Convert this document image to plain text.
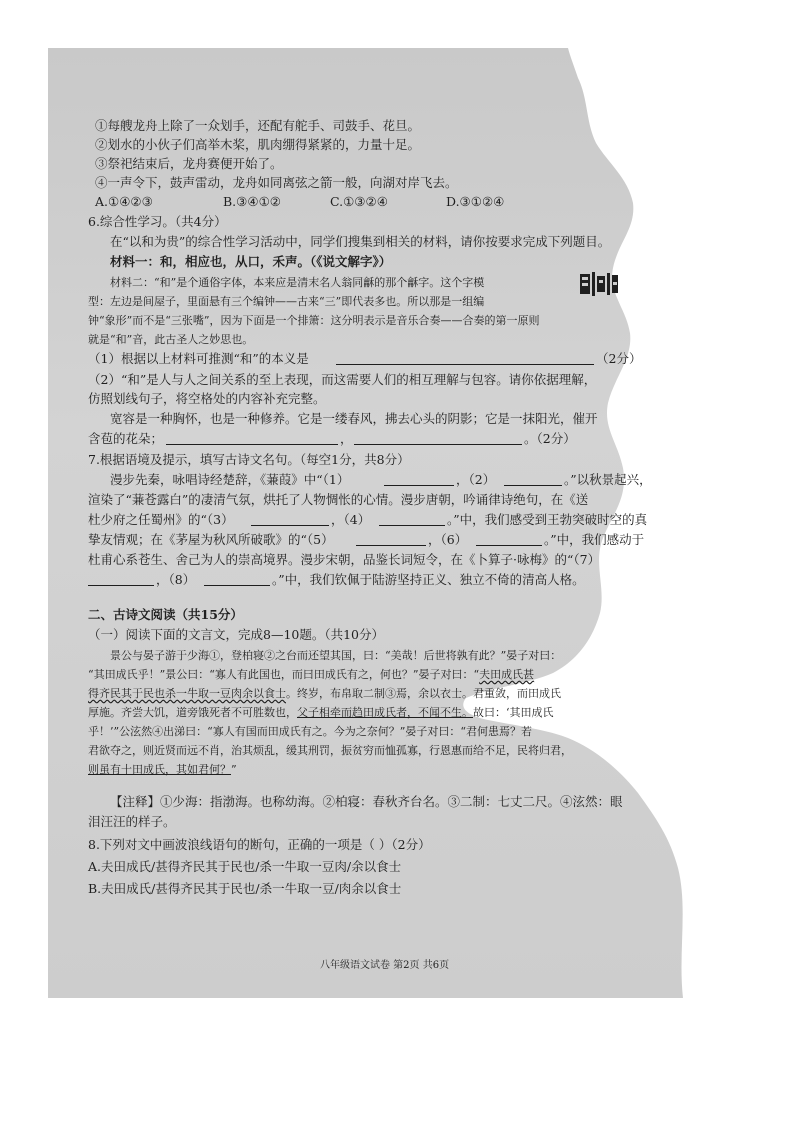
①每艘龙舟上除了一众划手，还配有舵手、司鼓手、花旦。
②划水的小伙子们高举木桨，肌肉绷得紧紧的，力量十足。
③祭祀结束后，龙舟赛便开始了。
④一声令下，鼓声雷动，龙舟如同离弦之箭一般，向湖对岸飞去。
A.①④②③	B.③④①②	C.①③②④	D.③①②④
6.综合性学习。（共4分）
在“以和为贵”的综合性学习活动中，同学们搜集到相关的材料，请你按要求完成下列题目。
材料一：和，相应也，从口，禾声。（《说文解字》）
材料二：“和”是个通俗字体，本来应是清末名人翁同龢的那个龢字。这个字模
型：左边是间屋子，里面悬有三个编钟——古来“三”即代表多也。所以那是一组编
钟“象形”而不是“三张嘴”，因为下面是一个排箫：这分明表示是音乐合奏——合奏的第一原则
就是“和”音，此古圣人之妙思也。
（1）根据以上材料可推测“和”的本义是	（2分）
（2）“和”是人与人之间关系的至上表现，而这需要人们的相互理解与包容。请你依据理解，
仿照划线句子，将空格处的内容补充完整。
宽容是一种胸怀，也是一种修养。它是一缕春风，拂去心头的阴影；它是一抹阳光，催开
含苞的花朵；	，	。（2分）
7.根据语境及提示，填写古诗文名句。（每空1分，共8分）
漫步先秦，咏唱诗经楚辞，《蒹葭》中“（1）	，（2）	。”以秋景起兴，
渲染了“蒹苍露白”的凄清气氛，烘托了人物惆怅的心情。漫步唐朝，吟诵律诗绝句，在《送
杜少府之任蜀州》的“（3）	，（4）	。”中，我们感受到王勃突破时空的真
挚友情观；在《茅屋为秋风所破歌》的“（5）	，（6）	。”中，我们感动于
杜甫心系苍生、舍己为人的崇高境界。漫步宋朝，品鉴长词短令，在《卜算子·咏梅》的“（7）
，（8）	。”中，我们钦佩于陆游坚持正义、独立不倚的清高人格。
二、古诗文阅读（共15分）
（一）阅读下面的文言文，完成8—10题。（共10分）
景公与晏子游于少海①，登柏寝②之台而还望其国，曰：“美哉！后世将孰有此？”晏子对曰：
“其田成氏乎！”景公曰：“寡人有此国也，而曰田成氏有之，何也？”晏子对曰：“夫田成氏甚
得齐民其于民也杀一牛取一豆肉余以食士。终岁，布帛取二制③焉，余以衣士。君重敛，而田成氏
厚施。齐尝大饥，道旁饿死者不可胜数也，父子相牵而趋田成氏者，不闻不生。故曰：‘其田成氏
乎！’”公泫然④出涕曰：“寡人有国而田成氏有之。今为之奈何？”晏子对曰：“君何患焉？若
君欲夺之，则近贤而远不肖，治其烦乱，缓其刑罚，振贫穷而恤孤寡，行恩惠而给不足，民将归君，
则虽有十田成氏，其如君何？”
【注释】①少海：指渤海。也称幼海。②柏寝：春秋齐台名。③二制：七丈二尺。④泫然：眼
泪汪汪的样子。
8.下列对文中画波浪线语句的断句，正确的一项是（ ）（2分）
A.夫田成氏/甚得齐民其于民也/杀一牛取一豆肉/余以食士
B.夫田成氏/甚得齐民其于民也/杀一牛取一豆/肉余以食士
八年级语文试卷 第2页 共6页
